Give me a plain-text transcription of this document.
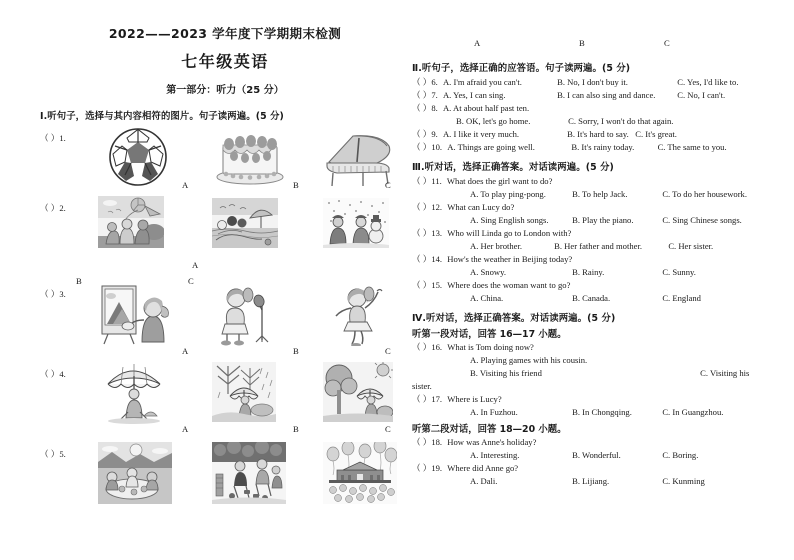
2022——2023 学年度下学期期末检测
七年级英语
第一部分：听力（25 分）
Ⅰ.听句子，选择与其内容相符的图片。句子读两遍。(5 分)
（ ）1.
A	B	C
（ ）2.
A
B	C
（ ）3.
A	B	C
（ ）4.
A	B	C
（ ）5.
A	B	C
Ⅱ.听句子，选择正确的应答语。句子读两遍。(5 分)
（ ）6. A. I'm afraid you can't.	B. No, I don't buy it.	C. Yes, I'd like to.
（ ）7. A. Yes, I can sing.	B. I can also sing and dance.	C. No, I can't.
（ ）8. A. At about half past ten.
B. OK, let's go home.	C. Sorry, I won't do that again.
（ ）9. A. I like it very much.	B. It's hard to say. C. It's great.
（ ）10. A. Things are going well.	B. It's rainy today.	C. The same to you.
Ⅲ.听对话，选择正确答案。对话读两遍。(5 分)
（ ）11. What does the girl want to do?
A. To play ping-pong.	B. To help Jack.	C. To do her housework.
（ ）12. What can Lucy do?
A. Sing English songs.	B. Play the piano.	C. Sing Chinese songs.
（ ）13. Who will Linda go to London with?
A. Her brother.	B. Her father and mother.	C. Her sister.
（ ）14. How's the weather in Beijing today?
A. Snowy.	B. Rainy.	C. Sunny.
（ ）15. Where does the woman want to go?
A. China.	B. Canada.	C. England
Ⅳ.听对话，选择正确答案。对话读两遍。(5 分)
听第一段对话，回答 16—17 小题。
（ ）16. What is Tom doing now?
A. Playing games with his cousin.
B. Visiting his friend	C. Visiting his
sister.
（ ）17. Where is Lucy?
A. In Fuzhou.	B. In Chongqing.	C. In Guangzhou.
听第二段对话，回答 18—20 小题。
（ ）18. How was Anne's holiday?
A. Interesting.	B. Wonderful.	C. Boring.
（ ）19. Where did Anne go?
A. Dali.	B. Lijiang.	C. Kunming
